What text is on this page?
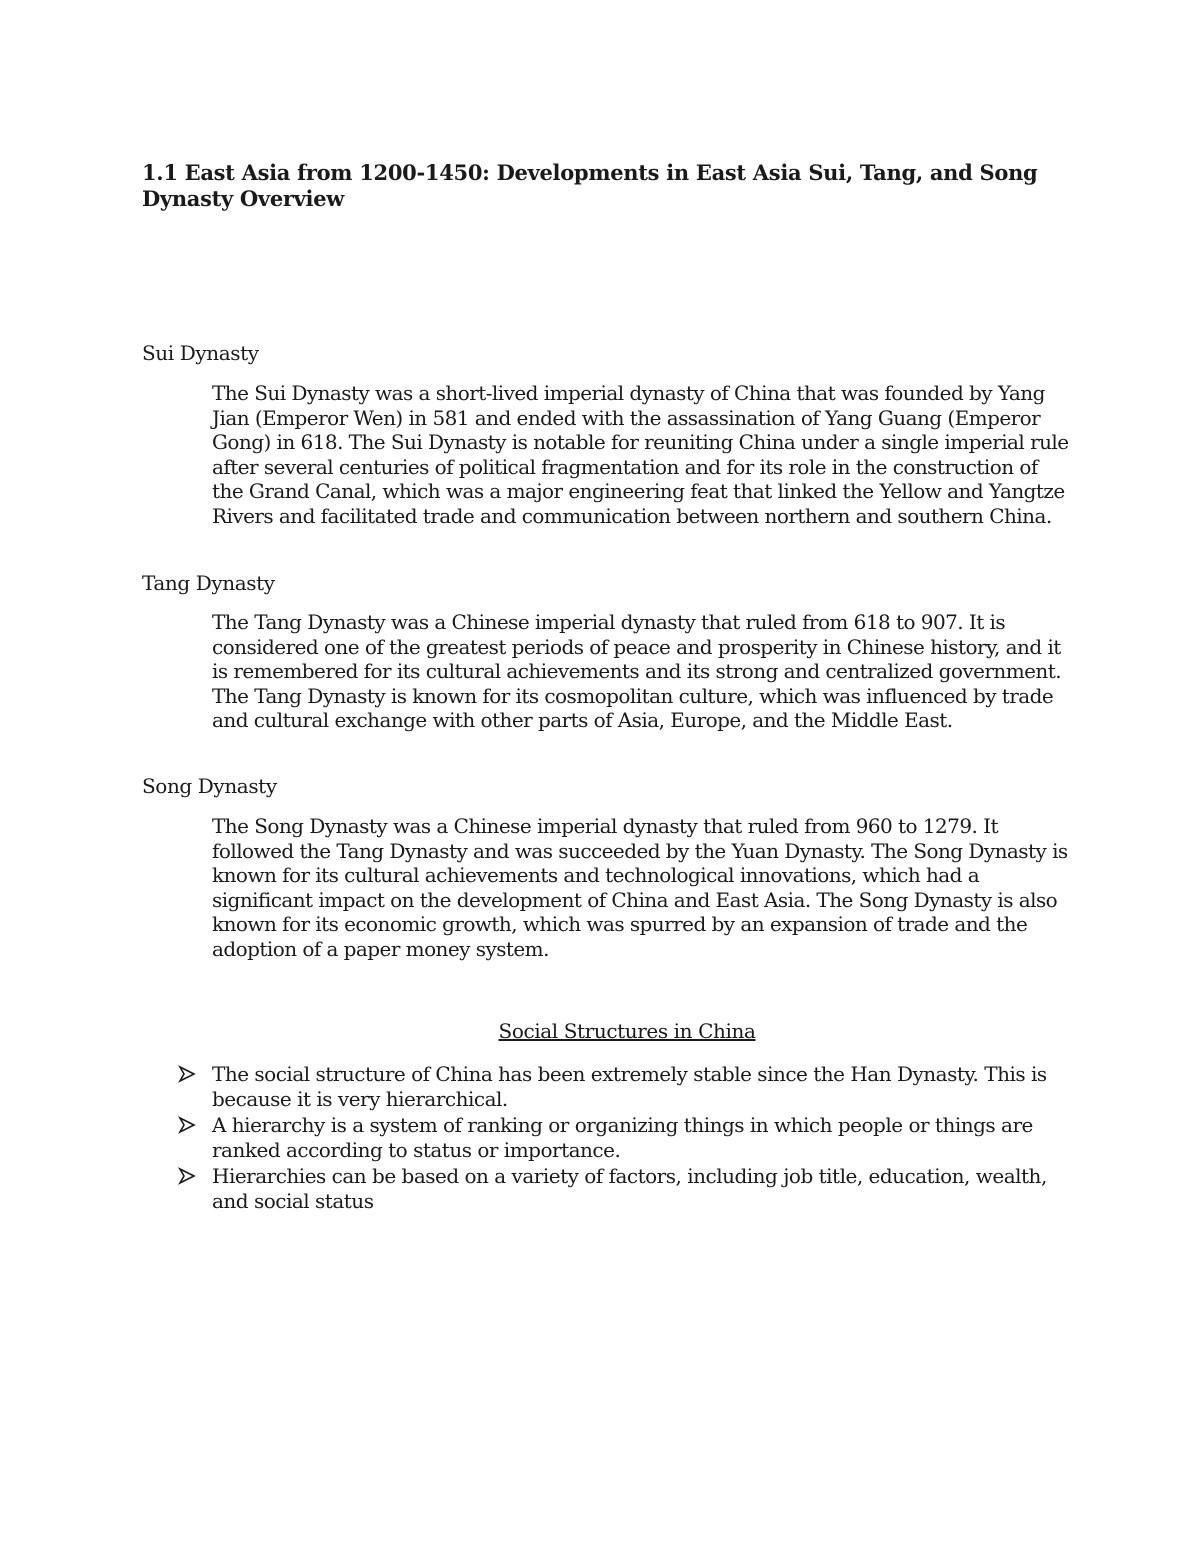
1.1 East Asia from 1200-1450: Developments in East Asia Sui, Tang, and Song Dynasty Overview
Sui Dynasty

The Sui Dynasty was a short-lived imperial dynasty of China that was founded by Yang Jian (Emperor Wen) in 581 and ended with the assassination of Yang Guang (Emperor Gong) in 618. The Sui Dynasty is notable for reuniting China under a single imperial rule after several centuries of political fragmentation and for its role in the construction of the Grand Canal, which was a major engineering feat that linked the Yellow and Yangtze Rivers and facilitated trade and communication between northern and southern China.

Tang Dynasty

The Tang Dynasty was a Chinese imperial dynasty that ruled from 618 to 907. It is considered one of the greatest periods of peace and prosperity in Chinese history, and it is remembered for its cultural achievements and its strong and centralized government. The Tang Dynasty is known for its cosmopolitan culture, which was influenced by trade and cultural exchange with other parts of Asia, Europe, and the Middle East.

Song Dynasty

The Song Dynasty was a Chinese imperial dynasty that ruled from 960 to 1279. It followed the Tang Dynasty and was succeeded by the Yuan Dynasty. The Song Dynasty is known for its cultural achievements and technological innovations, which had a significant impact on the development of China and East Asia. The Song Dynasty is also known for its economic growth, which was spurred by an expansion of trade and the adoption of a paper money system.

Social Structures in China
The social structure of China has been extremely stable since the Han Dynasty. This is because it is very hierarchical.
A hierarchy is a system of ranking or organizing things in which people or things are ranked according to status or importance.
Hierarchies can be based on a variety of factors, including job title, education, wealth, and social status
